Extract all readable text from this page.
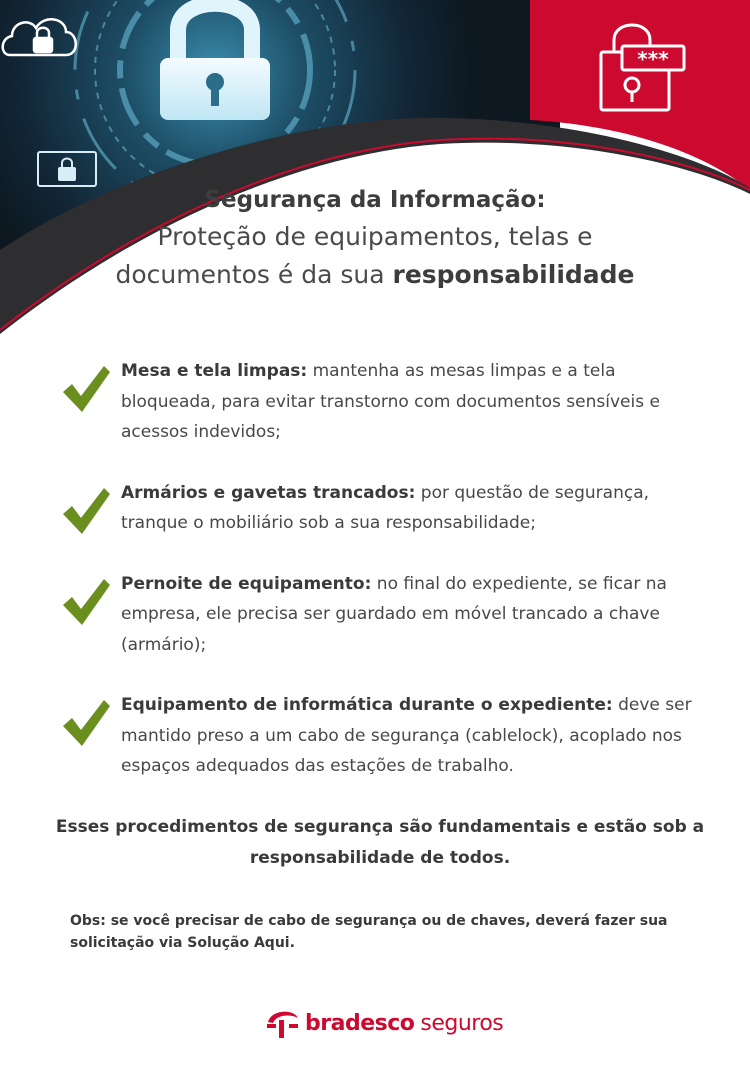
***
Segurança da Informação:
Proteção de equipamentos, telas e
documentos é da sua responsabilidade
Mesa e tela limpas: mantenha as mesas limpas e a tela bloqueada, para evitar transtorno com documentos sensíveis e acessos indevidos;
Armários e gavetas trancados: por questão de segurança, tranque o mobiliário sob a sua responsabilidade;
Pernoite de equipamento: no final do expediente, se ficar na empresa, ele precisa ser guardado em móvel trancado a chave (armário);
Equipamento de informática durante o expediente: deve ser mantido preso a um cabo de segurança (cablelock), acoplado nos espaços adequados das estações de trabalho.
Esses procedimentos de segurança são fundamentais e estão sob a responsabilidade de todos.
Obs: se você precisar de cabo de segurança ou de chaves, deverá fazer sua solicitação via Solução Aqui.
bradesco seguros
